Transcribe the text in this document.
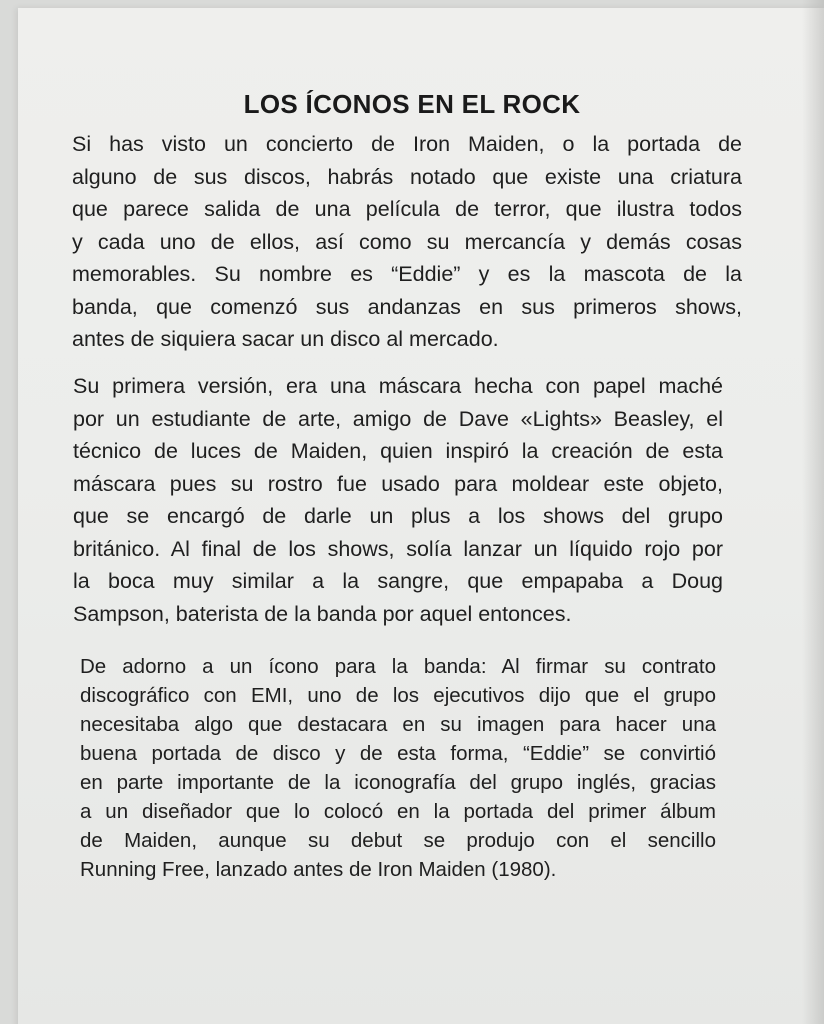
LOS ÍCONOS EN EL ROCK
Si has visto un concierto de Iron Maiden, o la portada de
alguno de sus discos, habrás notado que existe una criatura
que parece salida de una película de terror, que ilustra todos
y cada uno de ellos, así como su mercancía y demás cosas
memorables. Su nombre es “Eddie” y es la mascota de la
banda, que comenzó sus andanzas en sus primeros shows,
antes de siquiera sacar un disco al mercado.
Su primera versión, era una máscara hecha con papel maché
por un estudiante de arte, amigo de Dave «Lights» Beasley, el
técnico de luces de Maiden, quien inspiró la creación de esta
máscara pues su rostro fue usado para moldear este objeto,
que se encargó de darle un plus a los shows del grupo
británico. Al final de los shows, solía lanzar un líquido rojo por
la boca muy similar a la sangre, que empapaba a Doug
Sampson, baterista de la banda por aquel entonces.
De adorno a un ícono para la banda: Al firmar su contrato
discográfico con EMI, uno de los ejecutivos dijo que el grupo
necesitaba algo que destacara en su imagen para hacer una
buena portada de disco y de esta forma, “Eddie” se convirtió
en parte importante de la iconografía del grupo inglés, gracias
a un diseñador que lo colocó en la portada del primer álbum
de Maiden, aunque su debut se produjo con el sencillo
Running Free, lanzado antes de Iron Maiden (1980).
